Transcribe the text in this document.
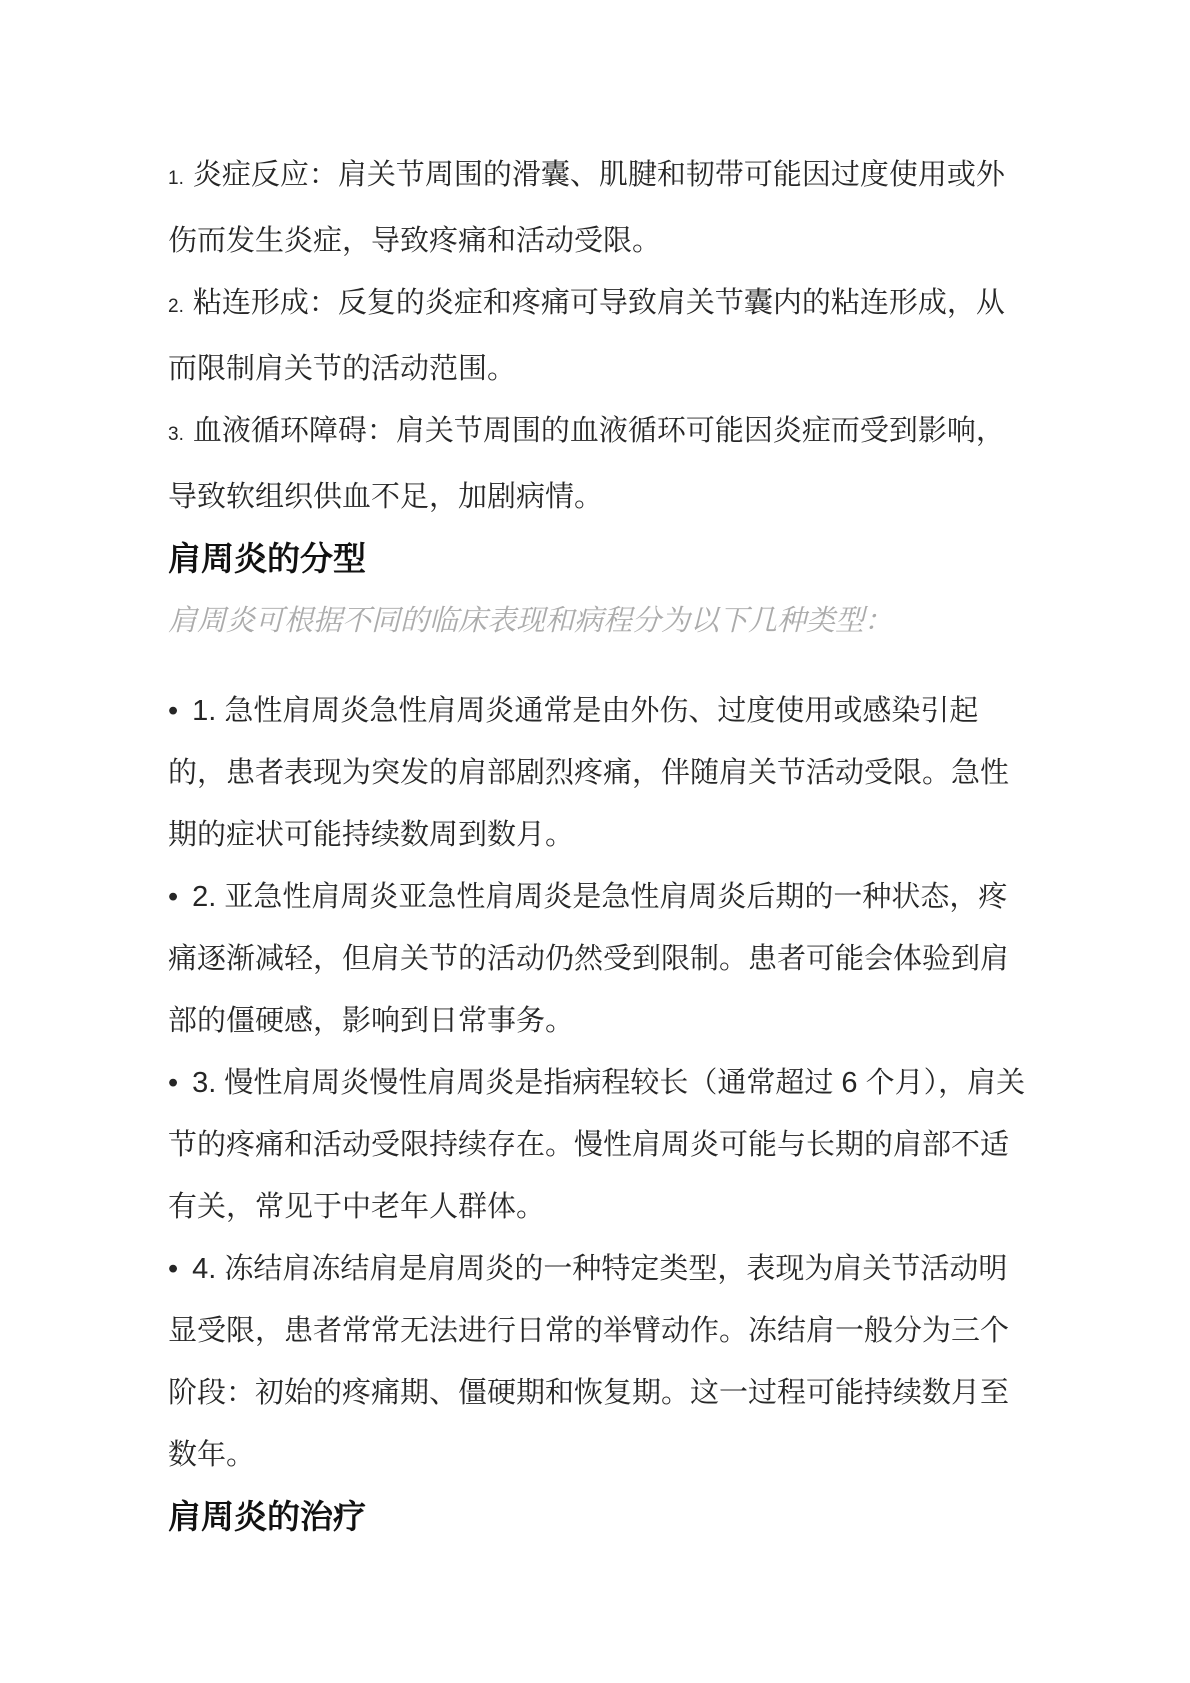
1. 炎症反应：肩关节周围的滑囊、肌腱和韧带可能因过度使用或外伤而发生炎症，导致疼痛和活动受限。

2. 粘连形成：反复的炎症和疼痛可导致肩关节囊内的粘连形成，从而限制肩关节的活动范围。

3. 血液循环障碍：肩关节周围的血液循环可能因炎症而受到影响，导致软组织供血不足，加剧病情。

肩周炎的分型

肩周炎可根据不同的临床表现和病程分为以下几种类型：

• 1. 急性肩周炎急性肩周炎通常是由外伤、过度使用或感染引起的，患者表现为突发的肩部剧烈疼痛，伴随肩关节活动受限。急性期的症状可能持续数周到数月。

• 2. 亚急性肩周炎亚急性肩周炎是急性肩周炎后期的一种状态，疼痛逐渐减轻，但肩关节的活动仍然受到限制。患者可能会体验到肩部的僵硬感，影响到日常事务。

• 3. 慢性肩周炎慢性肩周炎是指病程较长（通常超过 6 个月），肩关节的疼痛和活动受限持续存在。慢性肩周炎可能与长期的肩部不适有关，常见于中老年人群体。

• 4. 冻结肩冻结肩是肩周炎的一种特定类型，表现为肩关节活动明显受限，患者常常无法进行日常的举臂动作。冻结肩一般分为三个阶段：初始的疼痛期、僵硬期和恢复期。这一过程可能持续数月至数年。

肩周炎的治疗
